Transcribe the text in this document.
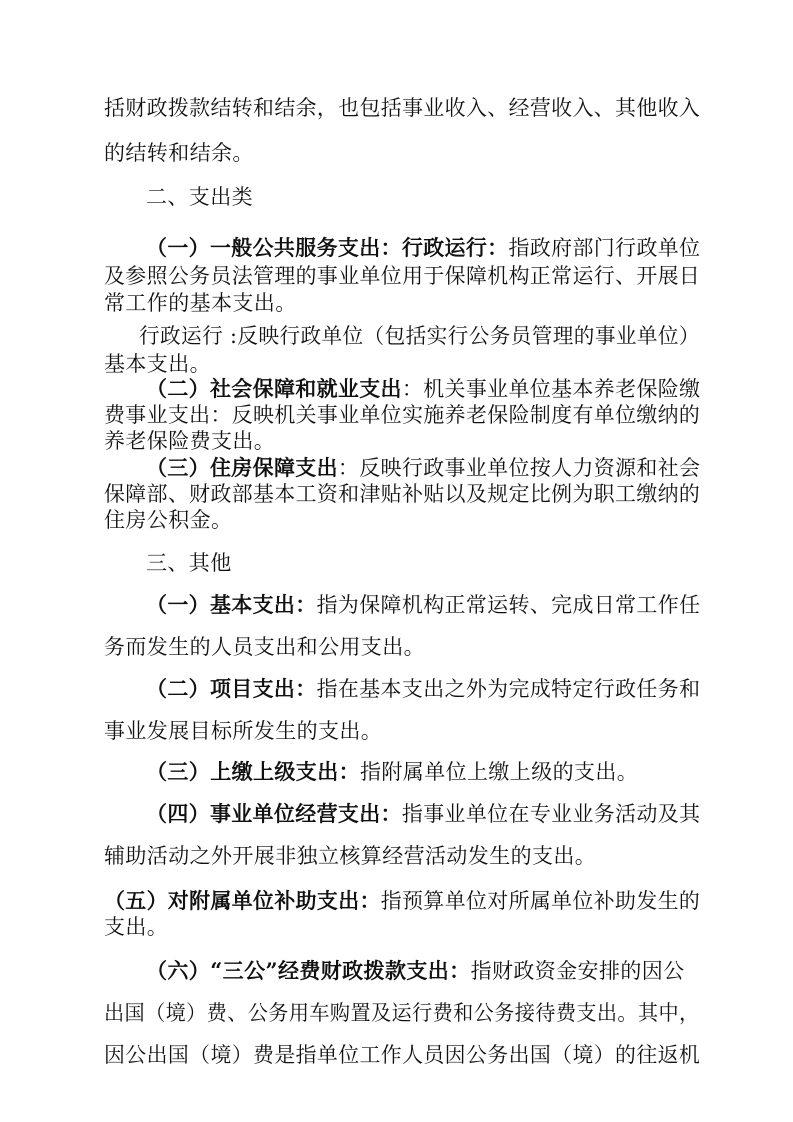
括财政拨款结转和结余，也包括事业收入、经营收入、其他收入
的结转和结余。
二、支出类
（一）一般公共服务支出：行政运行：指政府部门行政单位
及参照公务员法管理的事业单位用于保障机构正常运行、开展日
常工作的基本支出。
行政运行 :反映行政单位（包括实行公务员管理的事业单位）
基本支出。
（二）社会保障和就业支出：机关事业单位基本养老保险缴
费事业支出：反映机关事业单位实施养老保险制度有单位缴纳的
养老保险费支出。
（三）住房保障支出：反映行政事业单位按人力资源和社会
保障部、财政部基本工资和津贴补贴以及规定比例为职工缴纳的
住房公积金。
三、其他
（一）基本支出：指为保障机构正常运转、完成日常工作任
务而发生的人员支出和公用支出。
（二）项目支出：指在基本支出之外为完成特定行政任务和
事业发展目标所发生的支出。
（三）上缴上级支出：指附属单位上缴上级的支出。
（四）事业单位经营支出：指事业单位在专业业务活动及其
辅助活动之外开展非独立核算经营活动发生的支出。
（五）对附属单位补助支出：指预算单位对所属单位补助发生的
支出。
（六）“三公”经费财政拨款支出：指财政资金安排的因公
出国（境）费、公务用车购置及运行费和公务接待费支出。其中，
因公出国（境）费是指单位工作人员因公务出国（境）的往返机
